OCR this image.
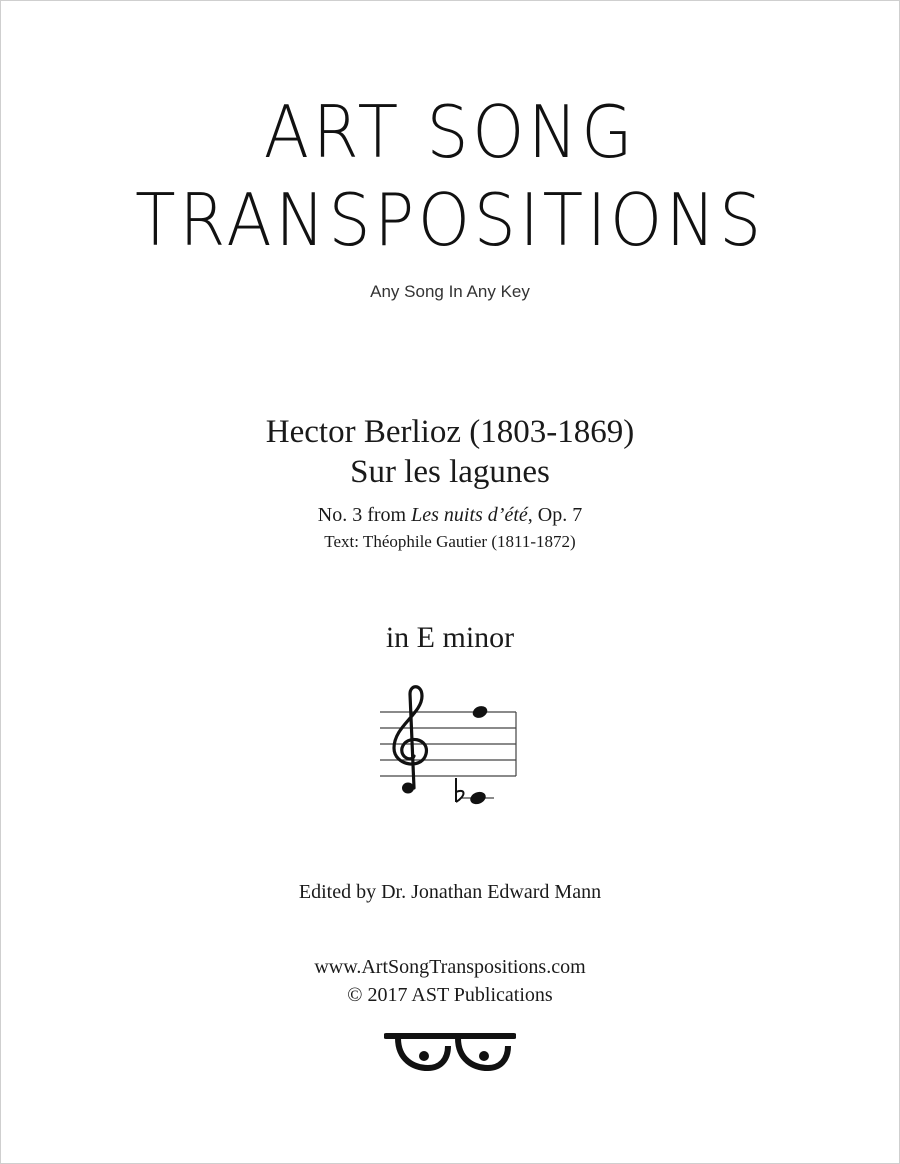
ART SONG
TRANSPOSITIONS
Any Song In Any Key
Hector Berlioz (1803-1869)
Sur les lagunes
No. 3 from Les nuits d’été, Op. 7
Text: Théophile Gautier (1811-1872)
in E minor
Edited by Dr. Jonathan Edward Mann
www.ArtSongTranspositions.com
© 2017 AST Publications
